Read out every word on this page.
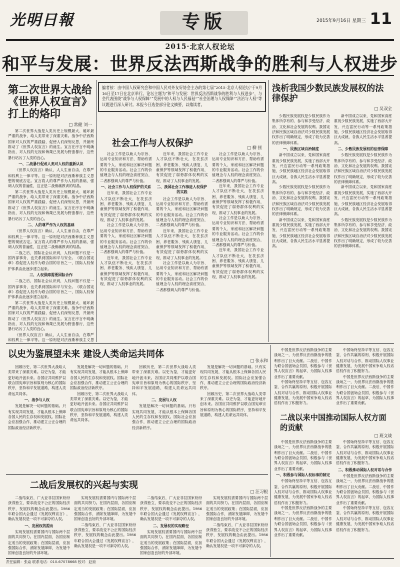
光明日報	专版	2015年9月16日 星期三 11
2015·北京人权论坛
和平与发展：世界反法西斯战争的胜利与人权进步
编者按：由中国人权研究会和中国人民对外友好协会主办的第七届“2015·北京人权论坛”于9月16日至17日在北京举行。论坛主题为“和平与发展：世界反法西斯战争的胜利与人权进步”，与会代表围绕“战争与人权保障”“发展中的人权与人民福祉”“社会治理与人权保障”“法治与人权”等议题进行深入研讨。本报今日选登部分论文摘要，以飨读者。
第二次世界大战给《世界人权宣言》打上的烙印
□ 常健 刘一

第二次世界大战是人类历史上规模最大、破坏最严重的战争，给人类带来了深重灾难。战争中法西斯国家对人权的严重践踏，促使人们深刻反思，并最终推动了《世界人权宣言》的诞生。宣言在序言中明确指出，对人权的无视和侮蔑已发展为野蛮暴行，这些暴行玷污了人类的良心。

一、二战暴行促成人类对人权的重新认识

《世界人权宣言》确认，人人生而自由，在尊严和权利上一律平等。这一原则是对法西斯种族主义思想的彻底否定。宣言将人的尊严作为人权的基础，强调人权的普遍性，这正是二战惨痛教训的结晶。

第二次世界大战是人类历史上规模最大、破坏最严重的战争，给人类带来了深重灾难。战争中法西斯国家对人权的严重践踏，促使人们深刻反思，并最终推动了《世界人权宣言》的诞生。宣言在序言中明确指出，对人权的无视和侮蔑已发展为野蛮暴行，这些暴行玷污了人类的良心。

二、人的尊严作为人权的基础

《世界人权宣言》确认，人人生而自由，在尊严和权利上一律平等。这一原则是对法西斯种族主义思想的彻底否定。宣言将人的尊严作为人权的基础，强调人权的普遍性，这正是二战惨痛教训的结晶。

二战之后，国际社会认识到，人权问题不仅是一国内部事务，也关系到国际和平与安全。《联合国宪章》将促进人权作为联合国的宗旨之一，国际人权保护体系由此逐步建立起来。

三、人权保障需要国际合作

二战之后，国际社会认识到，人权问题不仅是一国内部事务，也关系到国际和平与安全。《联合国宪章》将促进人权作为联合国的宗旨之一，国际人权保护体系由此逐步建立起来。

第二次世界大战是人类历史上规模最大、破坏最严重的战争，给人类带来了深重灾难。战争中法西斯国家对人权的严重践踏，促使人们深刻反思，并最终推动了《世界人权宣言》的诞生。宣言在序言中明确指出，对人权的无视和侮蔑已发展为野蛮暴行，这些暴行玷污了人类的良心。

《世界人权宣言》确认，人人生而自由，在尊严和权利上一律平等。这一原则是对法西斯种族主义思

社会工作与人权保护	□ 柳 拯

社会工作是以助人为宗旨、运用专业知识和方法、帮助有需要的个人、家庭和社区解决问题的专业服务活动。社会工作的价值理念与人权的理念高度契合，二者都强调人的尊严与价值。

一、社会工作与人权保护的关系

近年来，我国社会工作专业人才队伍不断壮大，在扶贫济困、养老服务、残疾人康复、儿童保护等领域发挥了积极作用，有效促进了弱势群体权利的实现，推动了人权事业的发展。

社会工作是以助人为宗旨、运用专业知识和方法、帮助有需要的个人、家庭和社区解决问题的专业服务活动。社会工作的价值理念与人权的理念高度契合，二者都强调人的尊严与价值。

近年来，我国社会工作专业人才队伍不断壮大，在扶贫济困、养老服务、残疾人康复、儿童保护等领域发挥了积极作用，有效促进了弱势群体权利的实现，推动了人权事业的发展。

近年来，我国社会工作专业人才队伍不断壮大，在扶贫济困、养老服务、残疾人康复、儿童保护等领域发挥了积极作用，有效促进了弱势群体权利的实现，推动了人权事业的发展。

二、我国社会工作推进人权保护的实践

社会工作是以助人为宗旨、运用专业知识和方法、帮助有需要的个人、家庭和社区解决问题的专业服务活动。社会工作的价值理念与人权的理念高度契合，二者都强调人的尊严与价值。

近年来，我国社会工作专业人才队伍不断壮大，在扶贫济困、养老服务、残疾人康复、儿童保护等领域发挥了积极作用，有效促进了弱势群体权利的实现，推动了人权事业的发展。

社会工作是以助人为宗旨、运用专业知识和方法、帮助有需要的个人、家庭和社区解决问题的专业服务活动。社会工作的价值理念与人权的理念高度契合，二者都强调人的尊严与价值。

社会工作是以助人为宗旨、运用专业知识和方法、帮助有需要的个人、家庭和社区解决问题的专业服务活动。社会工作的价值理念与人权的理念高度契合，二者都强调人的尊严与价值。

近年来，我国社会工作专业人才队伍不断壮大，在扶贫济困、养老服务、残疾人康复、儿童保护等领域发挥了积极作用，有效促进了弱势群体权利的实现，推动了人权事业的发展。

社会工作是以助人为宗旨、运用专业知识和方法、帮助有需要的个人、家庭和社区解决问题的专业服务活动。社会工作的价值理念与人权的理念高度契合，二者都强调人的尊严与价值。

近年来，我国社会工作专业人才队伍不断壮大，在扶贫济困、养老服务、残疾人康复、儿童保护等领域发挥了积极作用，有效促进了弱势群体权利的实现，推动了人权事业的发展。

浅析我国少数民族发展权的法律保护
□ 吴双全

少数民族发展权是少数民族作为集体所享有的、参与和享受经济、政治、文化和社会发展的权利。我国宪法和民族区域自治法对少数民族发展权作出了明确规定，形成了较为完善的法律保障体系。

一、民族区域自治制度

新中国成立以来，党和国家高度重视少数民族发展，实施了西部大开发、兴边富民行动等一系列政策措施，少数民族地区经济社会发展取得巨大成就，各族人民生活水平显著提高。

少数民族发展权是少数民族作为集体所享有的、参与和享受经济、政治、文化和社会发展的权利。我国宪法和民族区域自治法对少数民族发展权作出了明确规定，形成了较为完善的法律保障体系。

新中国成立以来，党和国家高度重视少数民族发展，实施了西部大开发、兴边富民行动等一系列政策措施，少数民族地区经济社会发展取得巨大成就，各族人民生活水平显著提高。

新中国成立以来，党和国家高度重视少数民族发展，实施了西部大开发、兴边富民行动等一系列政策措施，少数民族地区经济社会发展取得巨大成就，各族人民生活水平显著提高。

二、少数民族发展权的法律保障

少数民族发展权是少数民族作为集体所享有的、参与和享受经济、政治、文化和社会发展的权利。我国宪法和民族区域自治法对少数民族发展权作出了明确规定，形成了较为完善的法律保障体系。

新中国成立以来，党和国家高度重视少数民族发展，实施了西部大开发、兴边富民行动等一系列政策措施，少数民族地区经济社会发展取得巨大成就，各族人民生活水平显著提高。

少数民族发展权是少数民族作为集体所享有的、参与和享受经济、政治、文化和社会发展的权利。我国宪法和民族区域自治法对少数民族发展权作出了明确规定，形成了较为完善的法律保障体系。

以史为鉴展望未来 建设人类命运共同体
□ 张永和

回顾历史，第二次世界大战给人类带来了深重灾难。以史为鉴，才能更好地开创未来。各国应共同维护以联合国宪章宗旨和原则为核心的国际秩序，坚持和平发展道路，构建人类命运共同体。

一、战争与人权

发展是解决一切问题的基础。只有实现共同发展，才能从根本上保障各国人民的生存权和发展权。国际社会应加强合作，推动建立公正合理的国际政治经济新秩序。

发展是解决一切问题的基础。只有实现共同发展，才能从根本上保障各国人民的生存权和发展权。国际社会应加强合作，推动建立公正合理的国际政治经济新秩序。

回顾历史，第二次世界大战给人类带来了深重灾难。以史为鉴，才能更好地开创未来。各国应共同维护以联合国宪章宗旨和原则为核心的国际秩序，坚持和平发展道路，构建人类命运共同体。

回顾历史，第二次世界大战给人类带来了深重灾难。以史为鉴，才能更好地开创未来。各国应共同维护以联合国宪章宗旨和原则为核心的国际秩序，坚持和平发展道路，构建人类命运共同体。

二、发展与人权

发展是解决一切问题的基础。只有实现共同发展，才能从根本上保障各国人民的生存权和发展权。国际社会应加强合作，推动建立公正合理的国际政治经济新秩序。

发展是解决一切问题的基础。只有实现共同发展，才能从根本上保障各国人民的生存权和发展权。国际社会应加强合作，推动建立公正合理的国际政治经济新秩序。

回顾历史，第二次世界大战给人类带来了深重灾难。以史为鉴，才能更好地开创未来。各国应共同维护以联合国宪章宗旨和原则为核心的国际秩序，坚持和平发展道路，构建人类命运共同体。

二战后发展权的兴起与实现
□ 汪习根

二战结束后，广大亚非拉国家纷纷获得独立，要求改变不公正的国际经济秩序，发展权的概念由此提出。1986年联合国大会通过《发展权利宣言》，确认发展权是一项不可剥夺的人权。

一、发展权的提出

实现发展权需要国内与国际两个层面的共同努力。在国内层面，各国应制定适当的发展政策；在国际层面，应加强国际合作，消除发展障碍，为发展中国家创造良好的外部环境。

实现发展权需要国内与国际两个层面的共同努力。在国内层面，各国应制定适当的发展政策；在国际层面，应加强国际合作，消除发展障碍，为发展中国家创造良好的外部环境。

二战结束后，广大亚非拉国家纷纷获得独立，要求改变不公正的国际经济秩序，发展权的概念由此提出。1986年联合国大会通过《发展权利宣言》，确认发展权是一项不可剥夺的人权。

二战结束后，广大亚非拉国家纷纷获得独立，要求改变不公正的国际经济秩序，发展权的概念由此提出。1986年联合国大会通过《发展权利宣言》，确认发展权是一项不可剥夺的人权。

二、发展权的实现路径

实现发展权需要国内与国际两个层面的共同努力。在国内层面，各国应制定适当的发展政策；在国际层面，应加强国际合作，消除发展障碍，为发展中国家创造良好的外部环境。

实现发展权需要国内与国际两个层面的共同努力。在国内层面，各国应制定适当的发展政策；在国际层面，应加强国际合作，消除发展障碍，为发展中国家创造良好的外部环境。

二战结束后，广大亚非拉国家纷纷获得独立，要求改变不公正的国际经济秩序，发展权的概念由此提出。1986年联合国大会通过《发展权利宣言》，确认发展权是一项不可剥夺的人权。

中国是世界反法西斯战争的主要战场之一，为世界反法西斯战争的胜利作出了巨大贡献。二战后，中国作为联合国创始会员国，积极参与《世界人权宣言》的起草，为国际人权事业作出了重要贡献。

中国始终坚持平等互信、包容互鉴、合作共赢的原则，积极开展国际人权对话与合作，推动国际人权事业健康发展，为发展中国家争取人权话语权作出了积极努力。

中国始终坚持平等互信、包容互鉴、合作共赢的原则，积极开展国际人权对话与合作，推动国际人权事业健康发展，为发展中国家争取人权话语权作出了积极努力。

中国是世界反法西斯战争的主要战场之一，为世界反法西斯战争的胜利作出了巨大贡献。二战后，中国作为联合国创始会员国，积极参与《世界人权宣言》的起草，为国际人权事业作出了重要贡献。

二战以来中国推动国际人权方面的贡献
□ 班文战

中国是世界反法西斯战争的主要战场之一，为世界反法西斯战争的胜利作出了巨大贡献。二战后，中国作为联合国创始会员国，积极参与《世界人权宣言》的起草，为国际人权事业作出了重要贡献。

一、积极参与国际人权标准的制定

中国始终坚持平等互信、包容互鉴、合作共赢的原则，积极开展国际人权对话与合作，推动国际人权事业健康发展，为发展中国家争取人权话语权作出了积极努力。

中国是世界反法西斯战争的主要战场之一，为世界反法西斯战争的胜利作出了巨大贡献。二战后，中国作为联合国创始会员国，积极参与《世界人权宣言》的起草，为国际人权事业作出了重要贡献。

中国始终坚持平等互信、包容互鉴、合作共赢的原则，积极开展国际人权对话与合作，推动国际人权事业健康发展，为发展中国家争取人权话语权作出了积极努力。

二、积极推动国际人权对话与合作

中国是世界反法西斯战争的主要战场之一，为世界反法西斯战争的胜利作出了巨大贡献。二战后，中国作为联合国创始会员国，积极参与《世界人权宣言》的起草，为国际人权事业作出了重要贡献。

中国始终坚持平等互信、包容互鉴、合作共赢的原则，积极开展国际人权对话与合作，推动国际人权事业健康发展，为发展中国家争取人权话语权作出了积极努力。

责任编辑：张焱 联系电话：010-67078668 校对：赵琼
